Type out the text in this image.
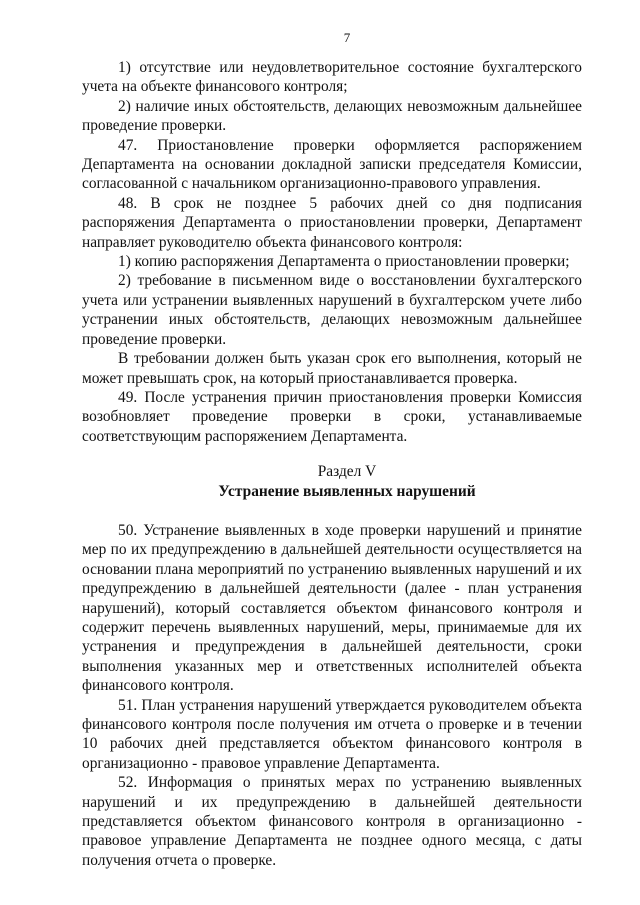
7

1) отсутствие или неудовлетворительное состояние бухгалтерского учета на объекте финансового контроля;

2) наличие иных обстоятельств, делающих невозможным дальнейшее проведение проверки.

47. Приостановление проверки оформляется распоряжением Департамента на основании докладной записки председателя Комиссии, согласованной с начальником организационно-правового управления.

48. В срок не позднее 5 рабочих дней со дня подписания распоряжения Департамента о приостановлении проверки, Департамент направляет руководителю объекта финансового контроля:

1) копию распоряжения Департамента о приостановлении проверки;

2) требование в письменном виде о восстановлении бухгалтерского учета или устранении выявленных нарушений в бухгалтерском учете либо устранении иных обстоятельств, делающих невозможным дальнейшее проведение проверки.

В требовании должен быть указан срок его выполнения, который не может превышать срок, на который приостанавливается проверка.

49. После устранения причин приостановления проверки Комиссия возобновляет проведение проверки в сроки, устанавливаемые соответствующим распоряжением Департамента.

Раздел V
Устранение выявленных нарушений

50. Устранение выявленных в ходе проверки нарушений и принятие мер по их предупреждению в дальнейшей деятельности осуществляется на основании плана мероприятий по устранению выявленных нарушений и их предупреждению в дальнейшей деятельности (далее - план устранения нарушений), который составляется объектом финансового контроля и содержит перечень выявленных нарушений, меры, принимаемые для их устранения и предупреждения в дальнейшей деятельности, сроки выполнения указанных мер и ответственных исполнителей объекта финансового контроля.

51. План устранения нарушений утверждается руководителем объекта финансового контроля после получения им отчета о проверке и в течении 10 рабочих дней представляется объектом финансового контроля в организационно - правовое управление Департамента.

52. Информация о принятых мерах по устранению выявленных нарушений и их предупреждению в дальнейшей деятельности представляется объектом финансового контроля в организационно - правовое управление Департамента не позднее одного месяца, с даты получения отчета о проверке.
